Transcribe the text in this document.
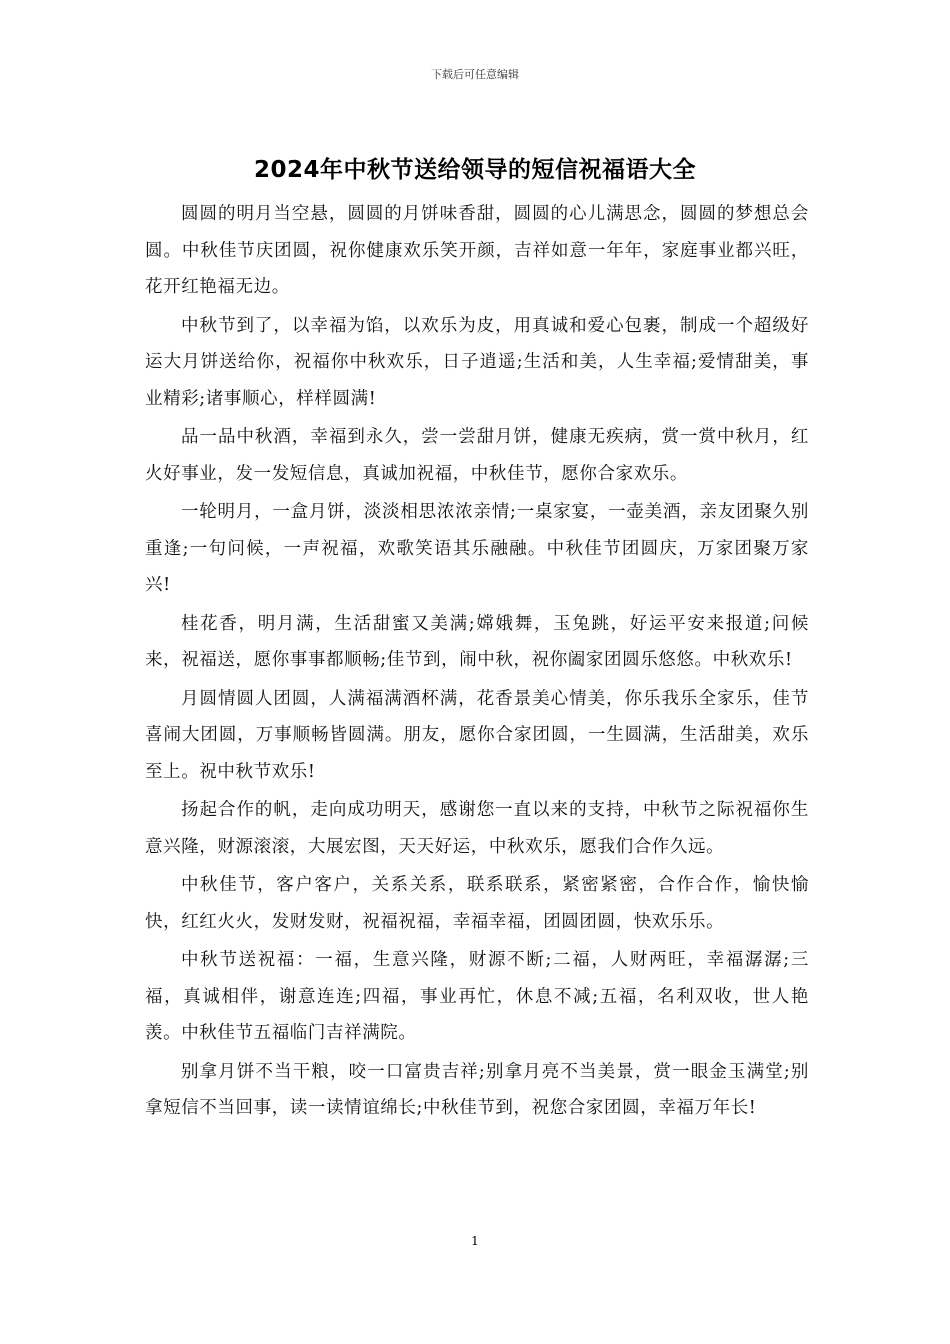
下载后可任意编辑
2024年中秋节送给领导的短信祝福语大全

圆圆的明月当空悬，圆圆的月饼味香甜，圆圆的心儿满思念，圆圆的梦想总会圆。中秋佳节庆团圆，祝你健康欢乐笑开颜，吉祥如意一年年，家庭事业都兴旺，花开红艳福无边。

中秋节到了，以幸福为馅，以欢乐为皮，用真诚和爱心包裹，制成一个超级好运大月饼送给你，祝福你中秋欢乐，日子逍遥;生活和美，人生幸福;爱情甜美，事业精彩;诸事顺心，样样圆满!

品一品中秋酒，幸福到永久，尝一尝甜月饼，健康无疾病，赏一赏中秋月，红火好事业，发一发短信息，真诚加祝福，中秋佳节，愿你合家欢乐。

一轮明月，一盒月饼，淡淡相思浓浓亲情;一桌家宴，一壶美酒，亲友团聚久别重逢;一句问候，一声祝福，欢歌笑语其乐融融。中秋佳节团圆庆，万家团聚万家兴!

桂花香，明月满，生活甜蜜又美满;嫦娥舞，玉兔跳，好运平安来报道;问候来，祝福送，愿你事事都顺畅;佳节到，闹中秋，祝你阖家团圆乐悠悠。中秋欢乐!

月圆情圆人团圆，人满福满酒杯满，花香景美心情美，你乐我乐全家乐，佳节喜闹大团圆，万事顺畅皆圆满。朋友，愿你合家团圆，一生圆满，生活甜美，欢乐至上。祝中秋节欢乐!

扬起合作的帆，走向成功明天，感谢您一直以来的支持，中秋节之际祝福你生意兴隆，财源滚滚，大展宏图，天天好运，中秋欢乐，愿我们合作久远。

中秋佳节，客户客户，关系关系，联系联系，紧密紧密，合作合作，愉快愉快，红红火火，发财发财，祝福祝福，幸福幸福，团圆团圆，快欢乐乐。

中秋节送祝福：一福，生意兴隆，财源不断;二福，人财两旺，幸福潺潺;三福，真诚相伴，谢意连连;四福，事业再忙，休息不减;五福，名利双收，世人艳羡。中秋佳节五福临门吉祥满院。

别拿月饼不当干粮，咬一口富贵吉祥;别拿月亮不当美景，赏一眼金玉满堂;别拿短信不当回事，读一读情谊绵长;中秋佳节到，祝您合家团圆，幸福万年长!

1
